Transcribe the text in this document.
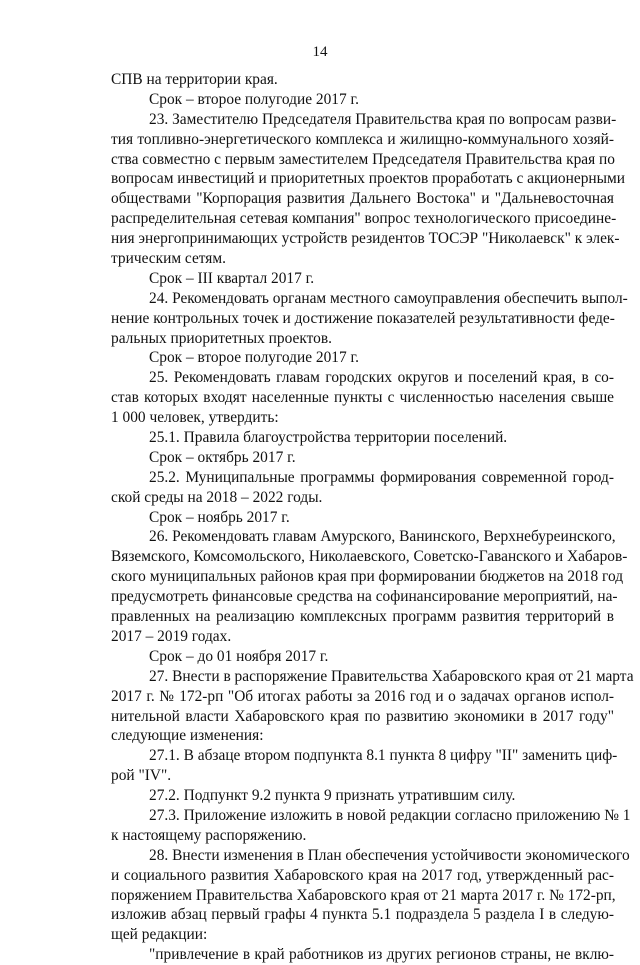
14
СПВ на территории края.
Срок – второе полугодие 2017 г.
23. Заместителю Председателя Правительства края по вопросам разви-
тия топливно-энергетического комплекса и жилищно-коммунального хозяй-
ства совместно с первым заместителем Председателя Правительства края по
вопросам инвестиций и приоритетных проектов проработать с акционерными
обществами "Корпорация развития Дальнего Востока" и "Дальневосточная
распределительная сетевая компания" вопрос технологического присоедине-
ния энергопринимающих устройств резидентов ТОСЭР "Николаевск" к элек-
трическим сетям.
Срок – III квартал 2017 г.
24. Рекомендовать органам местного самоуправления обеспечить выпол-
нение контрольных точек и достижение показателей результативности феде-
ральных приоритетных проектов.
Срок – второе полугодие 2017 г.
25. Рекомендовать главам городских округов и поселений края, в со-
став которых входят населенные пункты с численностью населения свыше
1 000 человек, утвердить:
25.1. Правила благоустройства территории поселений.
Срок – октябрь 2017 г.
25.2. Муниципальные программы формирования современной город-
ской среды на 2018 – 2022 годы.
Срок – ноябрь 2017 г.
26. Рекомендовать главам Амурского, Ванинского, Верхнебуреинского,
Вяземского, Комсомольского, Николаевского, Советско-Гаванского и Хабаров-
ского муниципальных районов края при формировании бюджетов на 2018 год
предусмотреть финансовые средства на софинансирование мероприятий, на-
правленных на реализацию комплексных программ развития территорий в
2017 – 2019 годах.
Срок – до 01 ноября 2017 г.
27. Внести в распоряжение Правительства Хабаровского края от 21 марта
2017 г. № 172-рп "Об итогах работы за 2016 год и о задачах органов испол-
нительной власти Хабаровского края по развитию экономики в 2017 году"
следующие изменения:
27.1. В абзаце втором подпункта 8.1 пункта 8 цифру "II" заменить циф-
рой "IV".
27.2. Подпункт 9.2 пункта 9 признать утратившим силу.
27.3. Приложение изложить в новой редакции согласно приложению № 1
к настоящему распоряжению.
28. Внести изменения в План обеспечения устойчивости экономического
и социального развития Хабаровского края на 2017 год, утвержденный рас-
поряжением Правительства Хабаровского края от 21 марта 2017 г. № 172-рп,
изложив абзац первый графы 4 пункта 5.1 подраздела 5 раздела I в следую-
щей редакции:
"привлечение в край работников из других регионов страны, не вклю-
